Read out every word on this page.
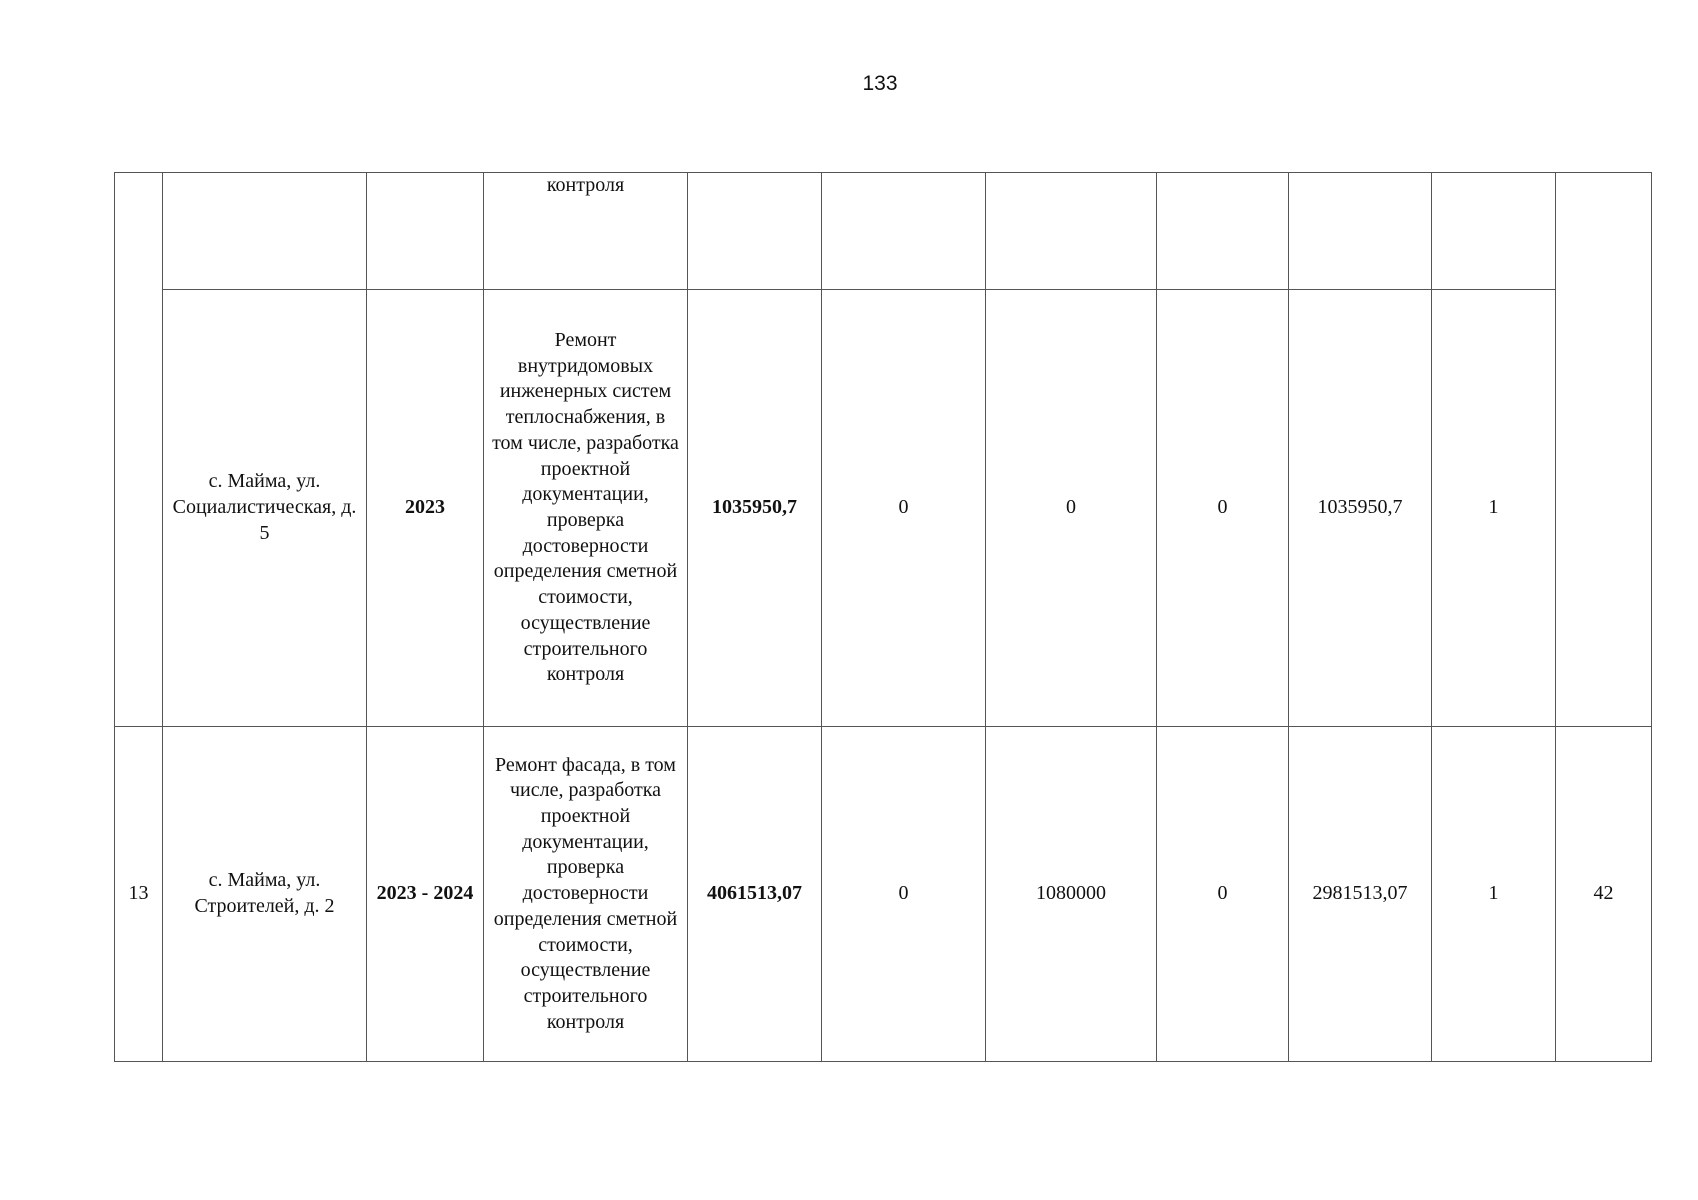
133
			контроля							
	с. Майма, ул. Социалистическая, д. 5	2023	Ремонт внутридомовых инженерных систем теплоснабжения, в том числе, разработка проектной документации, проверка достоверности определения сметной стоимости, осуществление строительного контроля	1035950,7	0	0	0	1035950,7	1	
13	с. Майма, ул. Строителей, д. 2	2023 - 2024	Ремонт фасада, в том числе, разработка проектной документации, проверка достоверности определения сметной стоимости, осуществление строительного контроля	4061513,07	0	1080000	0	2981513,07	1	42
